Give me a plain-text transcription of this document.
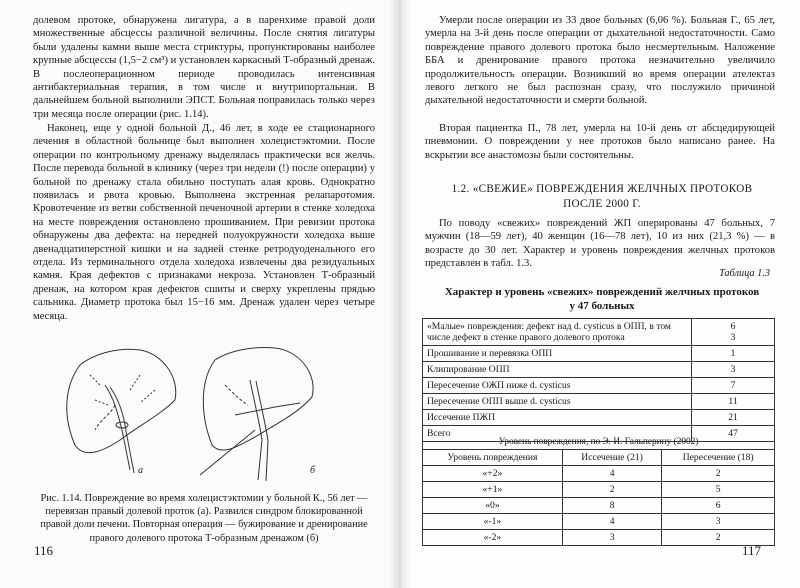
долевом протоке, обнаружена лигатура, а в паренхиме правой доли множественные абсцессы различной величины. После снятия лигатуры были удалены камни выше места стриктуры, пропунктированы наиболее крупные абсцессы (1,5−2 см³) и установлен каркасный Т-образный дренаж. В послеоперационном периоде проводилась интенсивная антибактериальная терапия, в том числе и внутрипортальная. В дальнейшем больной выполнили ЭПСТ. Больная поправилась только через три месяца после операции (рис. 1.14).

Наконец, еще у одной больной Д., 46 лет, в ходе ее стационарного лечения в областной больнице был выполнен холецистэктомии. После операции по контрольному дренажу выделялась практически вся желчь. После перевода больной в клинику (через три недели (!) после операции) у больной по дренажу стала обильно поступать алая кровь. Однократно появилась и рвота кровью. Выполнена экстренная релапаротомия. Кровотечение из ветви собственной печеночной артерии в стенке холедоха на месте повреждения остановлено прошиванием. При ревизии протока обнаружены два дефекта: на передней полуокружности холедоха выше двенадцатиперстной кишки и на задней стенке ретродуоденального его отдела. Из терминального отдела холедоха извлечены два резидуальных камня. Края дефектов с признаками некроза. Установлен Т-образный дренаж, на котором края дефектов сшиты и сверху укреплены прядью сальника. Диаметр протока был 15−16 мм. Дренаж удален через четыре месяца.

а	б
Рис. 1.14. Повреждение во время холецистэктомии у больной К., 56 лет — перевязан правый долевой проток (а). Развился синдром блокированной правой доли печени. Повторная операция — бужирование и дренирование правого долевого протока Т-образным дренажом (б)
116

Умерли после операции из 33 двое больных (6,06 %). Больная Г., 65 лет, умерла на 3-й день после операции от дыхательной недостаточности. Само повреждение правого долевого протока было несмертельным. Наложение ББА и дренирование правого протока незначительно увеличило продолжительность операции. Возникший во время операции ателектаз левого легкого не был распознан сразу, что послужило причиной дыхательной недостаточности и смерти больной.

Вторая пациентка П., 78 лет, умерла на 10-й день от абсцедирующей пневмонии. О повреждении у нее протоков было написано ранее. На вскрытии все анастомозы были состоятельны.

1.2. «СВЕЖИЕ» ПОВРЕЖДЕНИЯ ЖЕЛЧНЫХ ПРОТОКОВ
ПОСЛЕ 2000 Г.

По поводу «свежих» повреждений ЖП оперированы 47 больных, 7 мужчин (18—59 лет), 40 женщин (16—78 лет), 10 из них (21,3 %) — в возрасте до 30 лет. Характер и уровень повреждения желчных протоков представлен в табл. 1.3.

Таблица 1.3
Характер и уровень «свежих» повреждений желчных протоков
у 47 больных
«Малые» повреждения: дефект над d. cysticus в ОПП, в том числе дефект в стенке правого долевого протока	6
3

Прошивание и перевязка ОПП	1
Клипирование ОПП	3
Пересечение ОЖП ниже d. cysticus	7
Пересечение ОПП выше d. cysticus	11
Иссечение ПЖП	21
Всего	47
Уровень повреждения, по Э. И. Гальперину (2002)
Уровень повреждения	Иссечение (21)	Пересечение (18)
«+2»	4	2
«+1»	2	5
«0»	8	6
«-1»	4	3
«-2»	3	2
117
